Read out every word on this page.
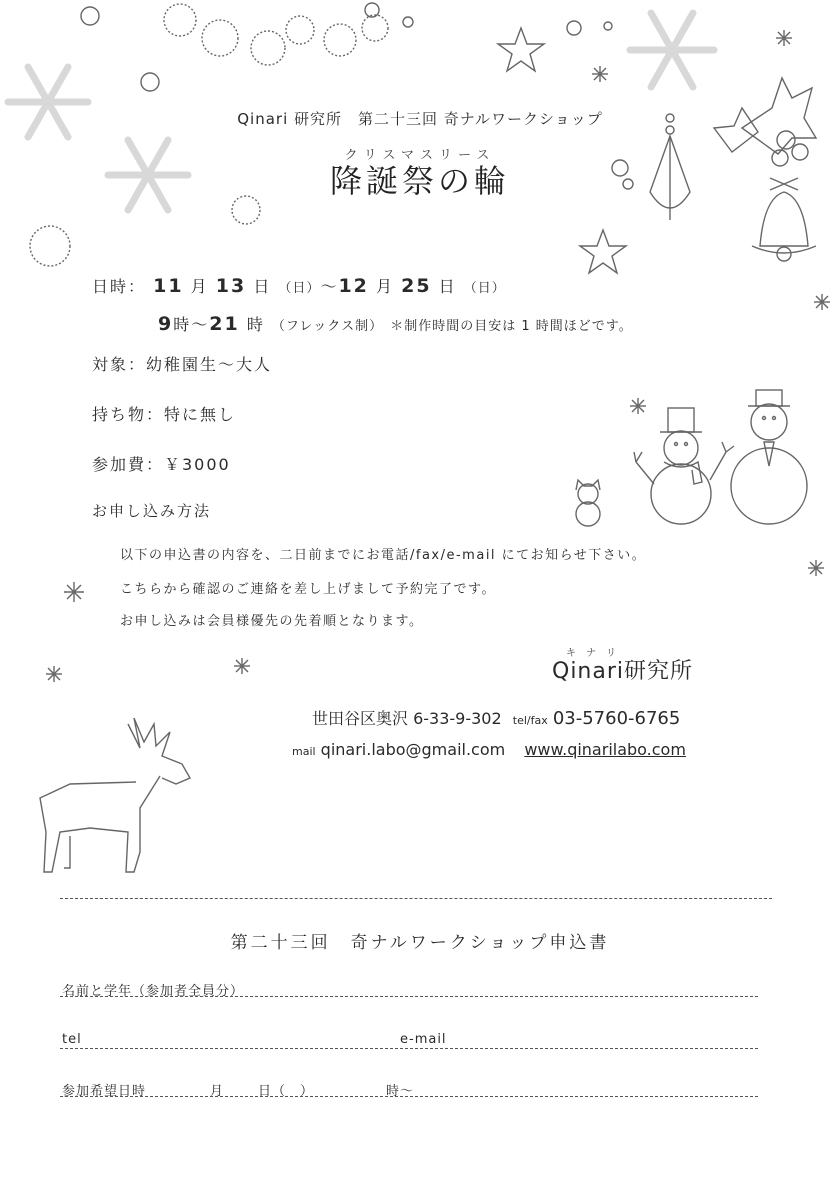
Qinari 研究所　第二十三回 奇ナルワークショップ
クリスマスリース
降誕祭の輪
日時： 11 月 13 日 （日）～12 月 25 日 （日）
9時～21 時 （フレックス制） ＊制作時間の目安は 1 時間ほどです。
対象：幼稚園生～大人
持ち物：特に無し
参加費：￥3000
お申し込み方法
以下の申込書の内容を、二日前までにお電話/fax/e-mail にてお知らせ下さい。
こちらから確認のご連絡を差し上げまして予約完了です。
お申し込みは会員様優先の先着順となります。
キナリ
Qinari研究所
世田谷区奥沢 6-33-9-302 tel/fax 03-5760-6765
mail qinari.labo@gmail.com www.qinarilabo.com
第二十三回　奇ナルワークショップ申込書
名前と学年（参加者全員分）
tel	e-mail
参加希望日時	月	日（　）	時～
